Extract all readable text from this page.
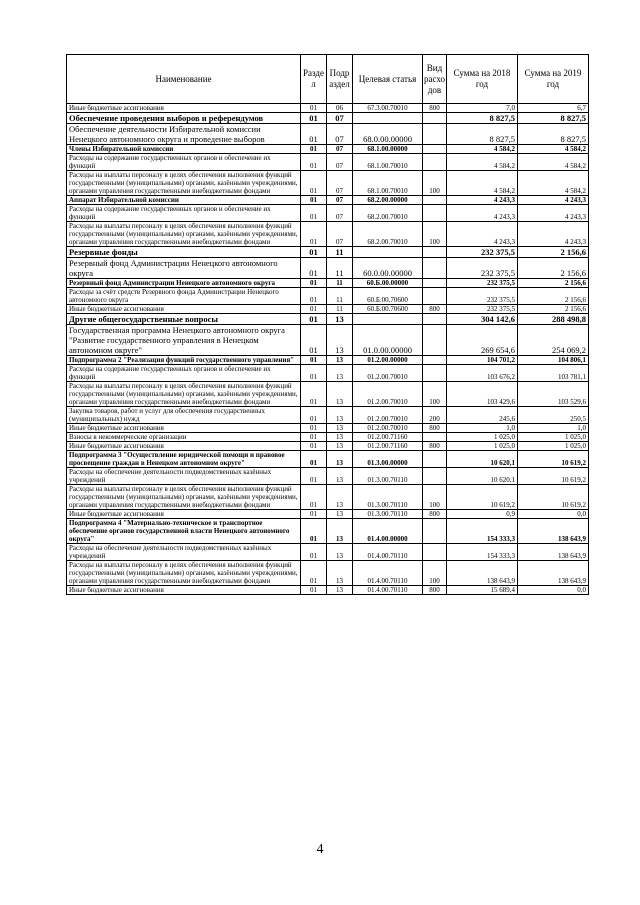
Наименование	Разде л	Подр аздел	Целевая статья	Вид расхо дов	Сумма на 2018 год	Сумма на 2019 год
Иные бюджетные ассигнования	01	06	67.3.00.70010	800	7,0	6,7
Обеспечение проведения выборов и референдумов	01	07			8 827,5	8 827,5
Обеспечение деятельности Избирательной комиссии Ненецкого автономного округа и проведение выборов	01	07	68.0.00.00000		8 827,5	8 827,5
Члены Избирательной комиссии	01	07	68.1.00.00000		4 584,2	4 584,2
Расходы на содержание государственных органов и обеспечение их функций	01	07	68.1.00.70010		4 584,2	4 584,2
Расходы на выплаты персоналу в целях обеспечения выполнения функций государственными (муниципальными) органами, казёнными учреждениями, органами управления государственными внебюджетными фондами	01	07	68.1.00.70010	100	4 584,2	4 584,2
Аппарат Избирательной комиссии	01	07	68.2.00.00000		4 243,3	4 243,3
Расходы на содержание государственных органов и обеспечение их функций	01	07	68.2.00.70010		4 243,3	4 243,3
Расходы на выплаты персоналу в целях обеспечения выполнения функций государственными (муниципальными) органами, казёнными учреждениями, органами управления государственными внебюджетными фондами	01	07	68.2.00.70010	100	4 243,3	4 243,3
Резервные фонды	01	11			232 375,5	2 156,6
Резервный фонд Администрации Ненецкого автономного округа	01	11	60.0.00.00000		232 375,5	2 156,6
Резервный фонд Администрации Ненецкого автономного округа	01	11	60.Б.00.00000		232 375,5	2 156,6
Расходы за счёт средств Резервного фонда Администрации Ненецкого автономного округа	01	11	60.Б.00.70600		232 375,5	2 156,6
Иные бюджетные ассигнования	01	11	60.Б.00.70600	800	232 375,5	2 156,6
Другие общегосударственные вопросы	01	13			304 142,6	288 498,8
Государственная программа Ненецкого автономного округа "Развитие государственного управления в Ненецком автономном округе"	01	13	01.0.00.00000		269 654,6	254 069,2
Подпрограмма 2 "Реализация функций государственного управления"	01	13	01.2.00.00000		104 701,2	104 806,1
Расходы на содержание государственных органов и обеспечение их функций	01	13	01.2.00.70010		103 676,2	103 781,1
Расходы на выплаты персоналу в целях обеспечения выполнения функций государственными (муниципальными) органами, казёнными учреждениями, органами управления государственными внебюджетными фондами	01	13	01.2.00.70010	100	103 429,6	103 529,6
Закупка товаров, работ и услуг для обеспечения государственных (муниципальных) нужд	01	13	01.2.00.70010	200	245,6	250,5
Иные бюджетные ассигнования	01	13	01.2.00.70010	800	1,0	1,0
Взносы в некоммерческие организации	01	13	01.2.00.71160		1 025,0	1 025,0
Иные бюджетные ассигнования	01	13	01.2.00.71160	800	1 025,0	1 025,0
Подпрограмма 3 "Осуществление юридической помощи и правовое просвещение граждан в Ненецком автономном округе"	01	13	01.3.00.00000		10 620,1	10 619,2
Расходы на обеспечение деятельности подведомственных казённых учреждений	01	13	01.3.00.70110		10 620,1	10 619,2
Расходы на выплаты персоналу в целях обеспечения выполнения функций государственными (муниципальными) органами, казёнными учреждениями, органами управления государственными внебюджетными фондами	01	13	01.3.00.70110	100	10 619,2	10 619,2
Иные бюджетные ассигнования	01	13	01.3.00.70110	800	0,9	0,0
Подпрограмма 4 "Материально-техническое и транспортное обеспечение органов государственной власти Ненецкого автономного округа"	01	13	01.4.00.00000		154 333,3	138 643,9
Расходы на обеспечение деятельности подведомственных казённых учреждений	01	13	01.4.00.70110		154 333,3	138 643,9
Расходы на выплаты персоналу в целях обеспечения выполнения функций государственными (муниципальными) органами, казёнными учреждениями, органами управления государственными внебюджетными фондами	01	13	01.4.00.70110	100	138 643,9	138 643,9
Иные бюджетные ассигнования	01	13	01.4.00.70110	800	15 689,4	0,0
4
